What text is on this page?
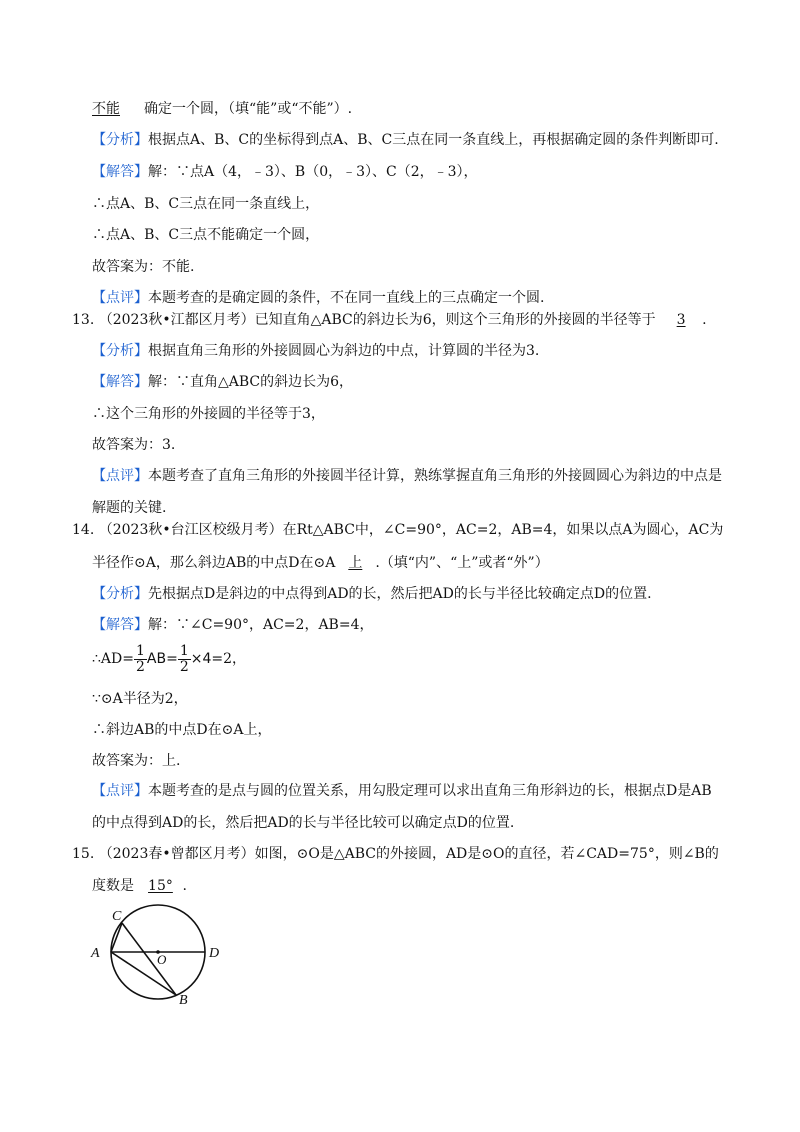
不能 确定一个圆，（填“能”或“不能”）.
【分析】根据点A、B、C的坐标得到点A、B、C三点在同一条直线上，再根据确定圆的条件判断即可.
【解答】解：∵点A（4，﹣3）、B（0，﹣3）、C（2，﹣3），
∴点A、B、C三点在同一条直线上，
∴点A、B、C三点不能确定一个圆，
故答案为：不能.
【点评】本题考查的是确定圆的条件，不在同一直线上的三点确定一个圆.
13. （2023秋•江都区月考）已知直角△ABC的斜边长为6，则这个三角形的外接圆的半径等于 3 .
【分析】根据直角三角形的外接圆圆心为斜边的中点，计算圆的半径为3.
【解答】解：∵直角△ABC的斜边长为6，
∴这个三角形的外接圆的半径等于3，
故答案为：3.
【点评】本题考查了直角三角形的外接圆半径计算，熟练掌握直角三角形的外接圆圆心为斜边的中点是
解题的关键.
14. （2023秋•台江区校级月考）在Rt△ABC中，∠C=90°，AC=2，AB=4，如果以点A为圆心，AC为
半径作⊙A，那么斜边AB的中点D在⊙A 上 .（填“内”、“上”或者“外”）
【分析】先根据点D是斜边的中点得到AD的长，然后把AD的长与半径比较确定点D的位置.
【解答】解：∵∠C=90°，AC=2，AB=4，
∴AD= $\frac{1}{2} AB= \frac{1}{2} \times 4=2$，
∵⊙A半径为2，
∴斜边AB的中点D在⊙A上，
故答案为：上.
【点评】本题考查的是点与圆的位置关系，用勾股定理可以求出直角三角形斜边的长，根据点D是AB
的中点得到AD的长，然后把AD的长与半径比较可以确定点D的位置.
15. （2023春•曾都区月考）如图，⊙O是△ABC的外接圆，AD是⊙O的直径，若∠CAD=75°，则∠B的
度数是 15° .
C
A	O	D
B
